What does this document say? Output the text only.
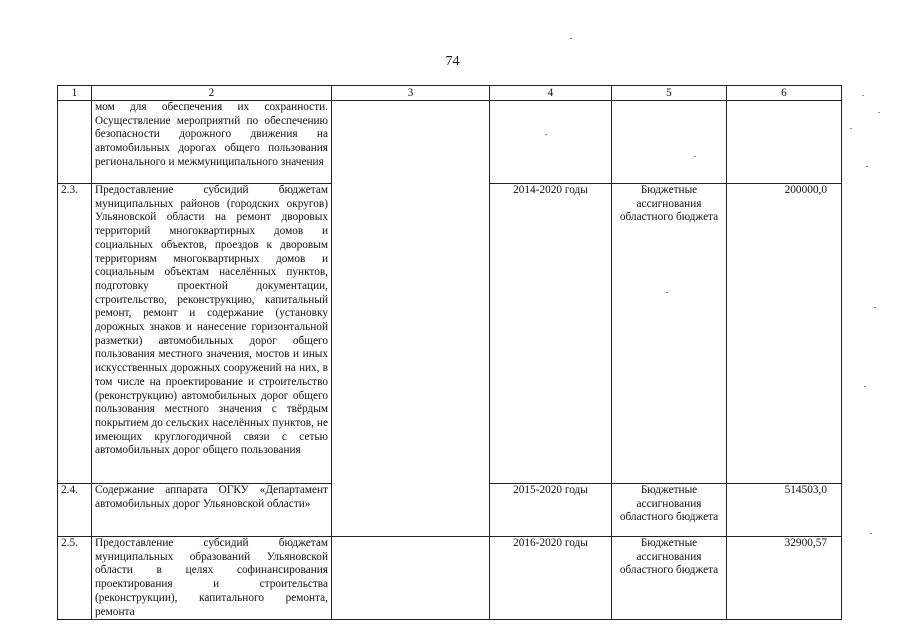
74
1	2	3	4	5	6
	мом для обеспечения их сохранности. Осуществление мероприятий по обеспечению безопасности дорожного движения на автомобильных дорогах общего пользования регионального и межмуниципального значения				
2.3.	Предоставление субсидий бюджетам муниципальных районов (городских округов) Ульяновской области на ремонт дворовых территорий многоквартирных домов и социальных объектов, проездов к дворовым территориям многоквартирных домов и социальным объектам населённых пунктов, подготовку проектной документации, строительство, реконструкцию, капитальный ремонт, ремонт и содержание (установку дорожных знаков и нанесение горизонтальной разметки) автомобильных дорог общего пользования местного значения, мостов и иных искусственных дорожных сооружений на них, в том числе на проектирование и строительство (реконструкцию) автомобильных дорог общего пользования местного значения с твёрдым покрытием до сельских населённых пунктов, не имеющих круглогодичной связи с сетью автомобильных дорог общего пользования		2014-2020 годы	Бюджетные ассигнования областного бюджета	200000,0
2.4.	Содержание аппарата ОГКУ «Департамент автомобильных дорог Ульяновской области»		2015-2020 годы	Бюджетные ассигнования областного бюджета	514503,0
2.5.	Предоставление субсидий бюджетам муниципальных образований Ульяновской области в целях софинансирования проектирования и строительства (реконструкции), капитального ремонта, ремонта		2016-2020 годы	Бюджетные ассигнования областного бюджета	32900,57
